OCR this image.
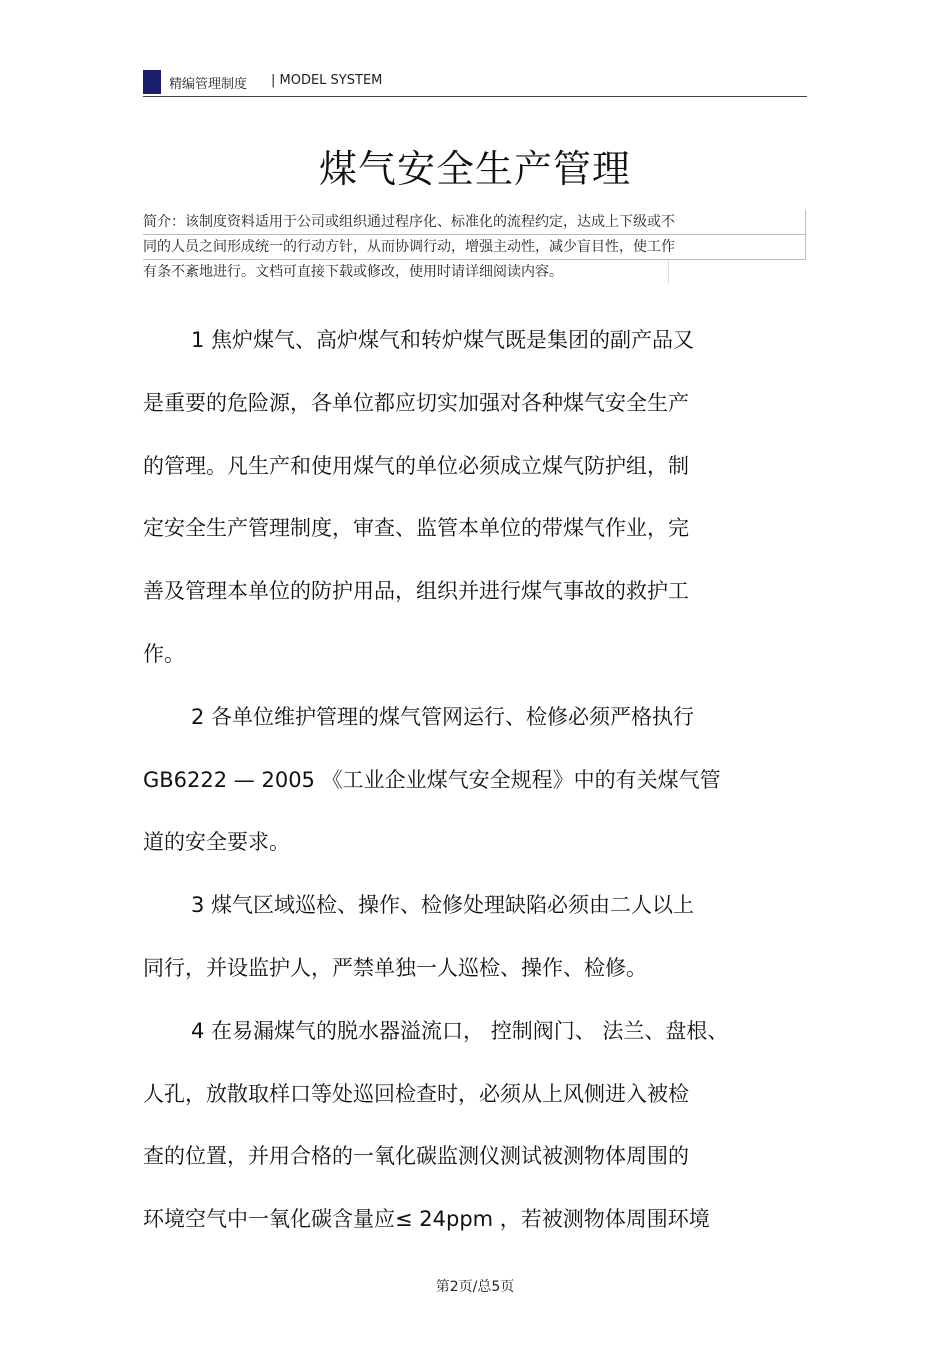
精编管理制度 | MODEL SYSTEM
煤气安全生产管理
简介：该制度资料适用于公司或组织通过程序化、标准化的流程约定，达成上下级或不
同的人员之间形成统一的行动方针，从而协调行动，增强主动性，减少盲目性，使工作
有条不紊地进行。文档可直接下载或修改，使用时请详细阅读内容。
1 焦炉煤气、高炉煤气和转炉煤气既是集团的副产品又
是重要的危险源，各单位都应切实加强对各种煤气安全生产
的管理。凡生产和使用煤气的单位必须成立煤气防护组，制
定安全生产管理制度，审查、监管本单位的带煤气作业，完
善及管理本单位的防护用品，组织并进行煤气事故的救护工
作。
2 各单位维护管理的煤气管网运行、检修必须严格执行
GB6222 — 2005 《工业企业煤气安全规程》中的有关煤气管
道的安全要求。
3 煤气区域巡检、操作、检修处理缺陷必须由二人以上
同行，并设监护人，严禁单独一人巡检、操作、检修。
4 在易漏煤气的脱水器溢流口， 控制阀门、 法兰、盘根、
人孔，放散取样口等处巡回检查时，必须从上风侧进入被检
查的位置，并用合格的一氧化碳监测仪测试被测物体周围的
环境空气中一氧化碳含量应≤ 24ppm ，若被测物体周围环境
第2页/总5页
